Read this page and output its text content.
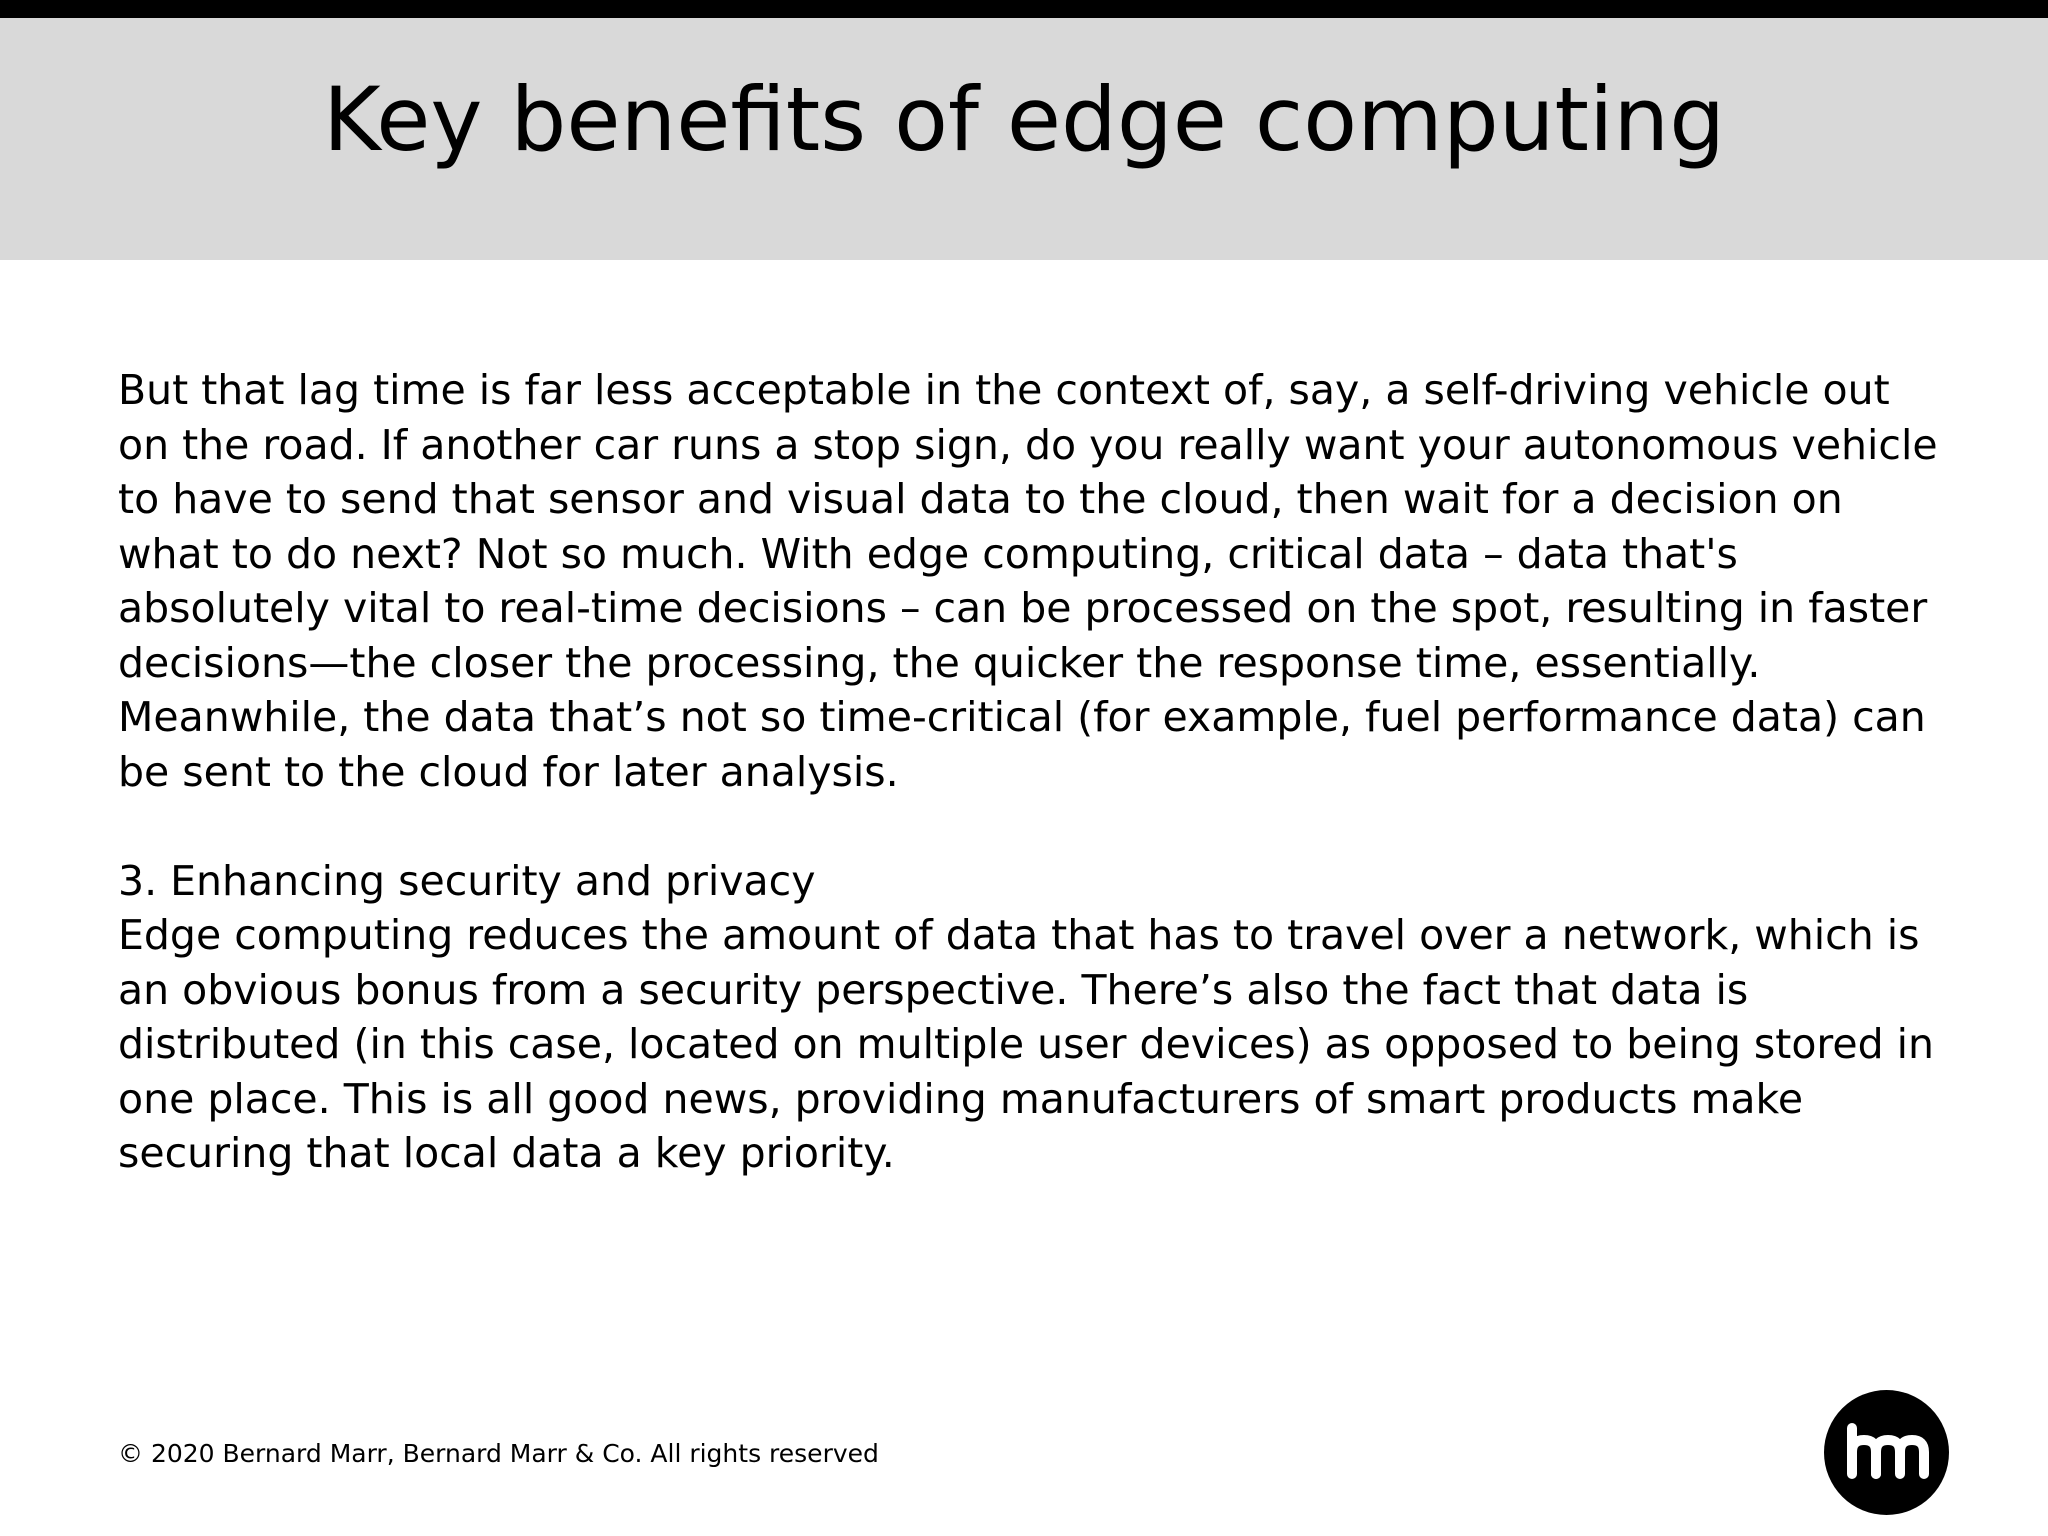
Key benefits of edge computing

But that lag time is far less acceptable in the context of, say, a self-driving vehicle out on the road. If another car runs a stop sign, do you really want your autonomous vehicle to have to send that sensor and visual data to the cloud, then wait for a decision on what to do next? Not so much. With edge computing, critical data – data that's absolutely vital to real-time decisions – can be processed on the spot, resulting in faster decisions—the closer the processing, the quicker the response time, essentially. Meanwhile, the data that’s not so time-critical (for example, fuel performance data) can be sent to the cloud for later analysis.

3. Enhancing security and privacy

Edge computing reduces the amount of data that has to travel over a network, which is an obvious bonus from a security perspective. There’s also the fact that data is distributed (in this case, located on multiple user devices) as opposed to being stored in one place. This is all good news, providing manufacturers of smart products make securing that local data a key priority.

© 2020 Bernard Marr, Bernard Marr & Co. All rights reserved
